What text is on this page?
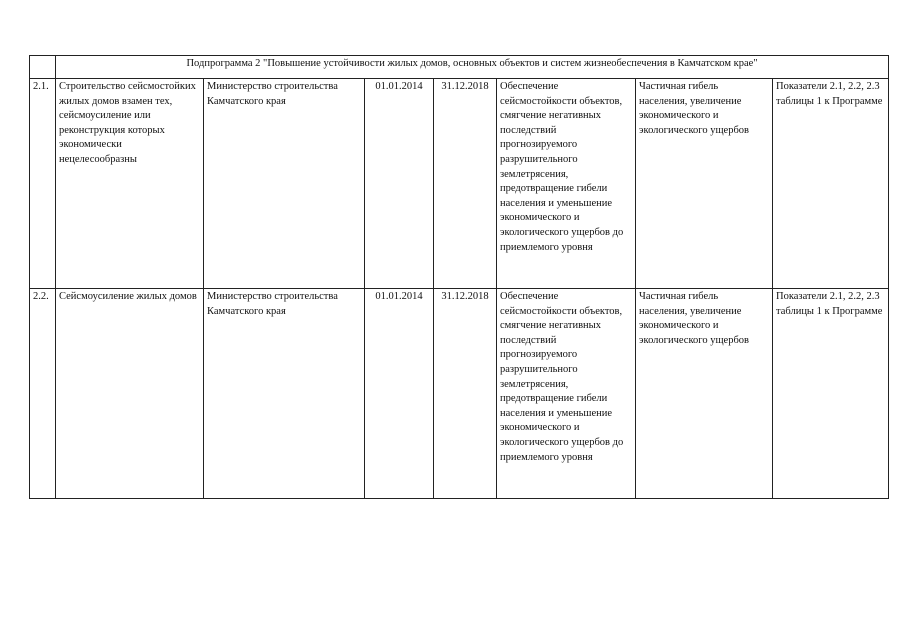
	Подпрограмма 2 "Повышение устойчивости жилых домов, основных объектов и систем жизнеобеспечения в Камчатском крае"						
2.1.	Строительство сейсмостойких жилых домов взамен тех, сейсмоусиление или реконструкция которых экономически нецелесообразны	Министерство строительства Камчатского края	01.01.2014	31.12.2018	Обеспечение сейсмостойкости объектов, смягчение негативных последствий прогнозируемого разрушительного землетрясения, предотвращение гибели населения и уменьшение экономического и экологического ущербов до приемлемого уровня	Частичная гибель населения, увеличение экономического и экологического ущербов	Показатели 2.1, 2.2, 2.3 таблицы 1 к Программе
2.2.	Сейсмоусиление жилых домов	Министерство строительства Камчатского края	01.01.2014	31.12.2018	Обеспечение сейсмостойкости объектов, смягчение негативных последствий прогнозируемого разрушительного землетрясения, предотвращение гибели населения и уменьшение экономического и экологического ущербов до приемлемого уровня	Частичная гибель населения, увеличение экономического и экологического ущербов	Показатели 2.1, 2.2, 2.3 таблицы 1 к Программе
